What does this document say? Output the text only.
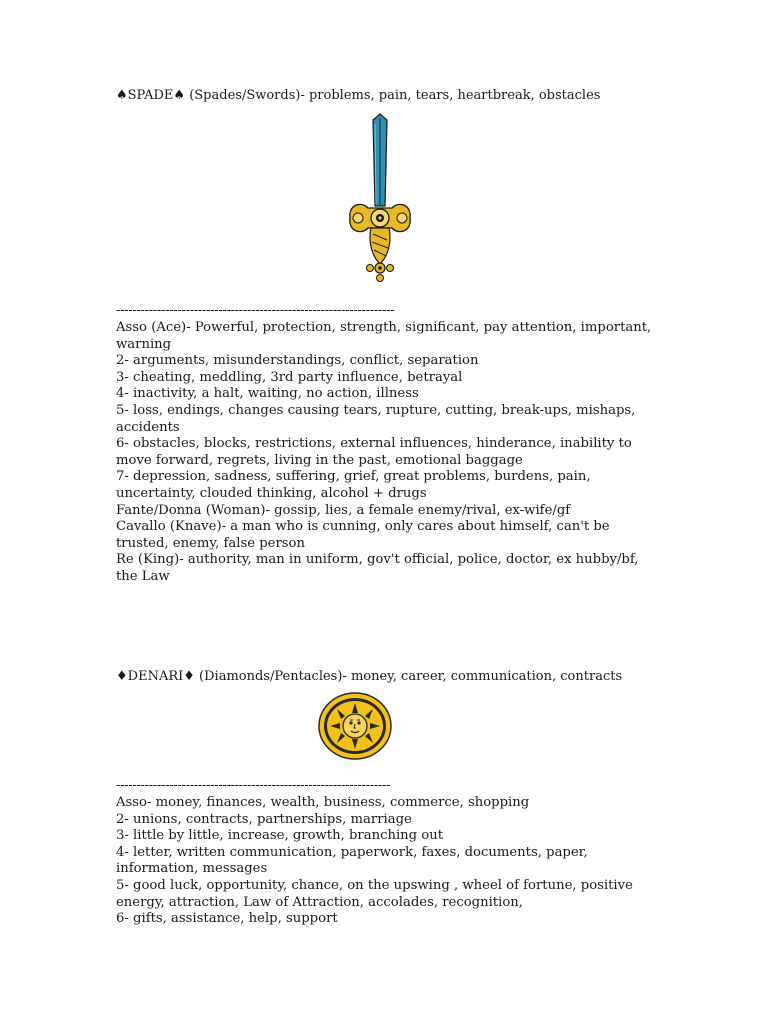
♠SPADE♠ (Spades/Swords)- problems, pain, tears, heartbreak, obstacles
--------------------------------------------------------------------
Asso (Ace)- Powerful, protection, strength, significant, pay attention, important, warning
2- arguments, misunderstandings, conflict, separation
3- cheating, meddling, 3rd party influence, betrayal
4- inactivity, a halt, waiting, no action, illness
5- loss, endings, changes causing tears, rupture, cutting, break-ups, mishaps, accidents
6- obstacles, blocks, restrictions, external influences, hinderance, inability to move forward, regrets, living in the past, emotional baggage
7- depression, sadness, suffering, grief, great problems, burdens, pain, uncertainty, clouded thinking, alcohol + drugs
Fante/Donna (Woman)- gossip, lies, a female enemy/rival, ex-wife/gf
Cavallo (Knave)- a man who is cunning, only cares about himself, can't be trusted, enemy, false person
Re (King)- authority, man in uniform, gov't official, police, doctor, ex hubby/bf, the Law
♦DENARI♦ (Diamonds/Pentacles)- money, career, communication, contracts
-------------------------------------------------------------------
Asso- money, finances, wealth, business, commerce, shopping
2- unions, contracts, partnerships, marriage
3- little by little, increase, growth, branching out
4- letter, written communication, paperwork, faxes, documents, paper, information, messages
5- good luck, opportunity, chance, on the upswing , wheel of fortune, positive energy, attraction, Law of Attraction, accolades, recognition,
6- gifts, assistance, help, support
